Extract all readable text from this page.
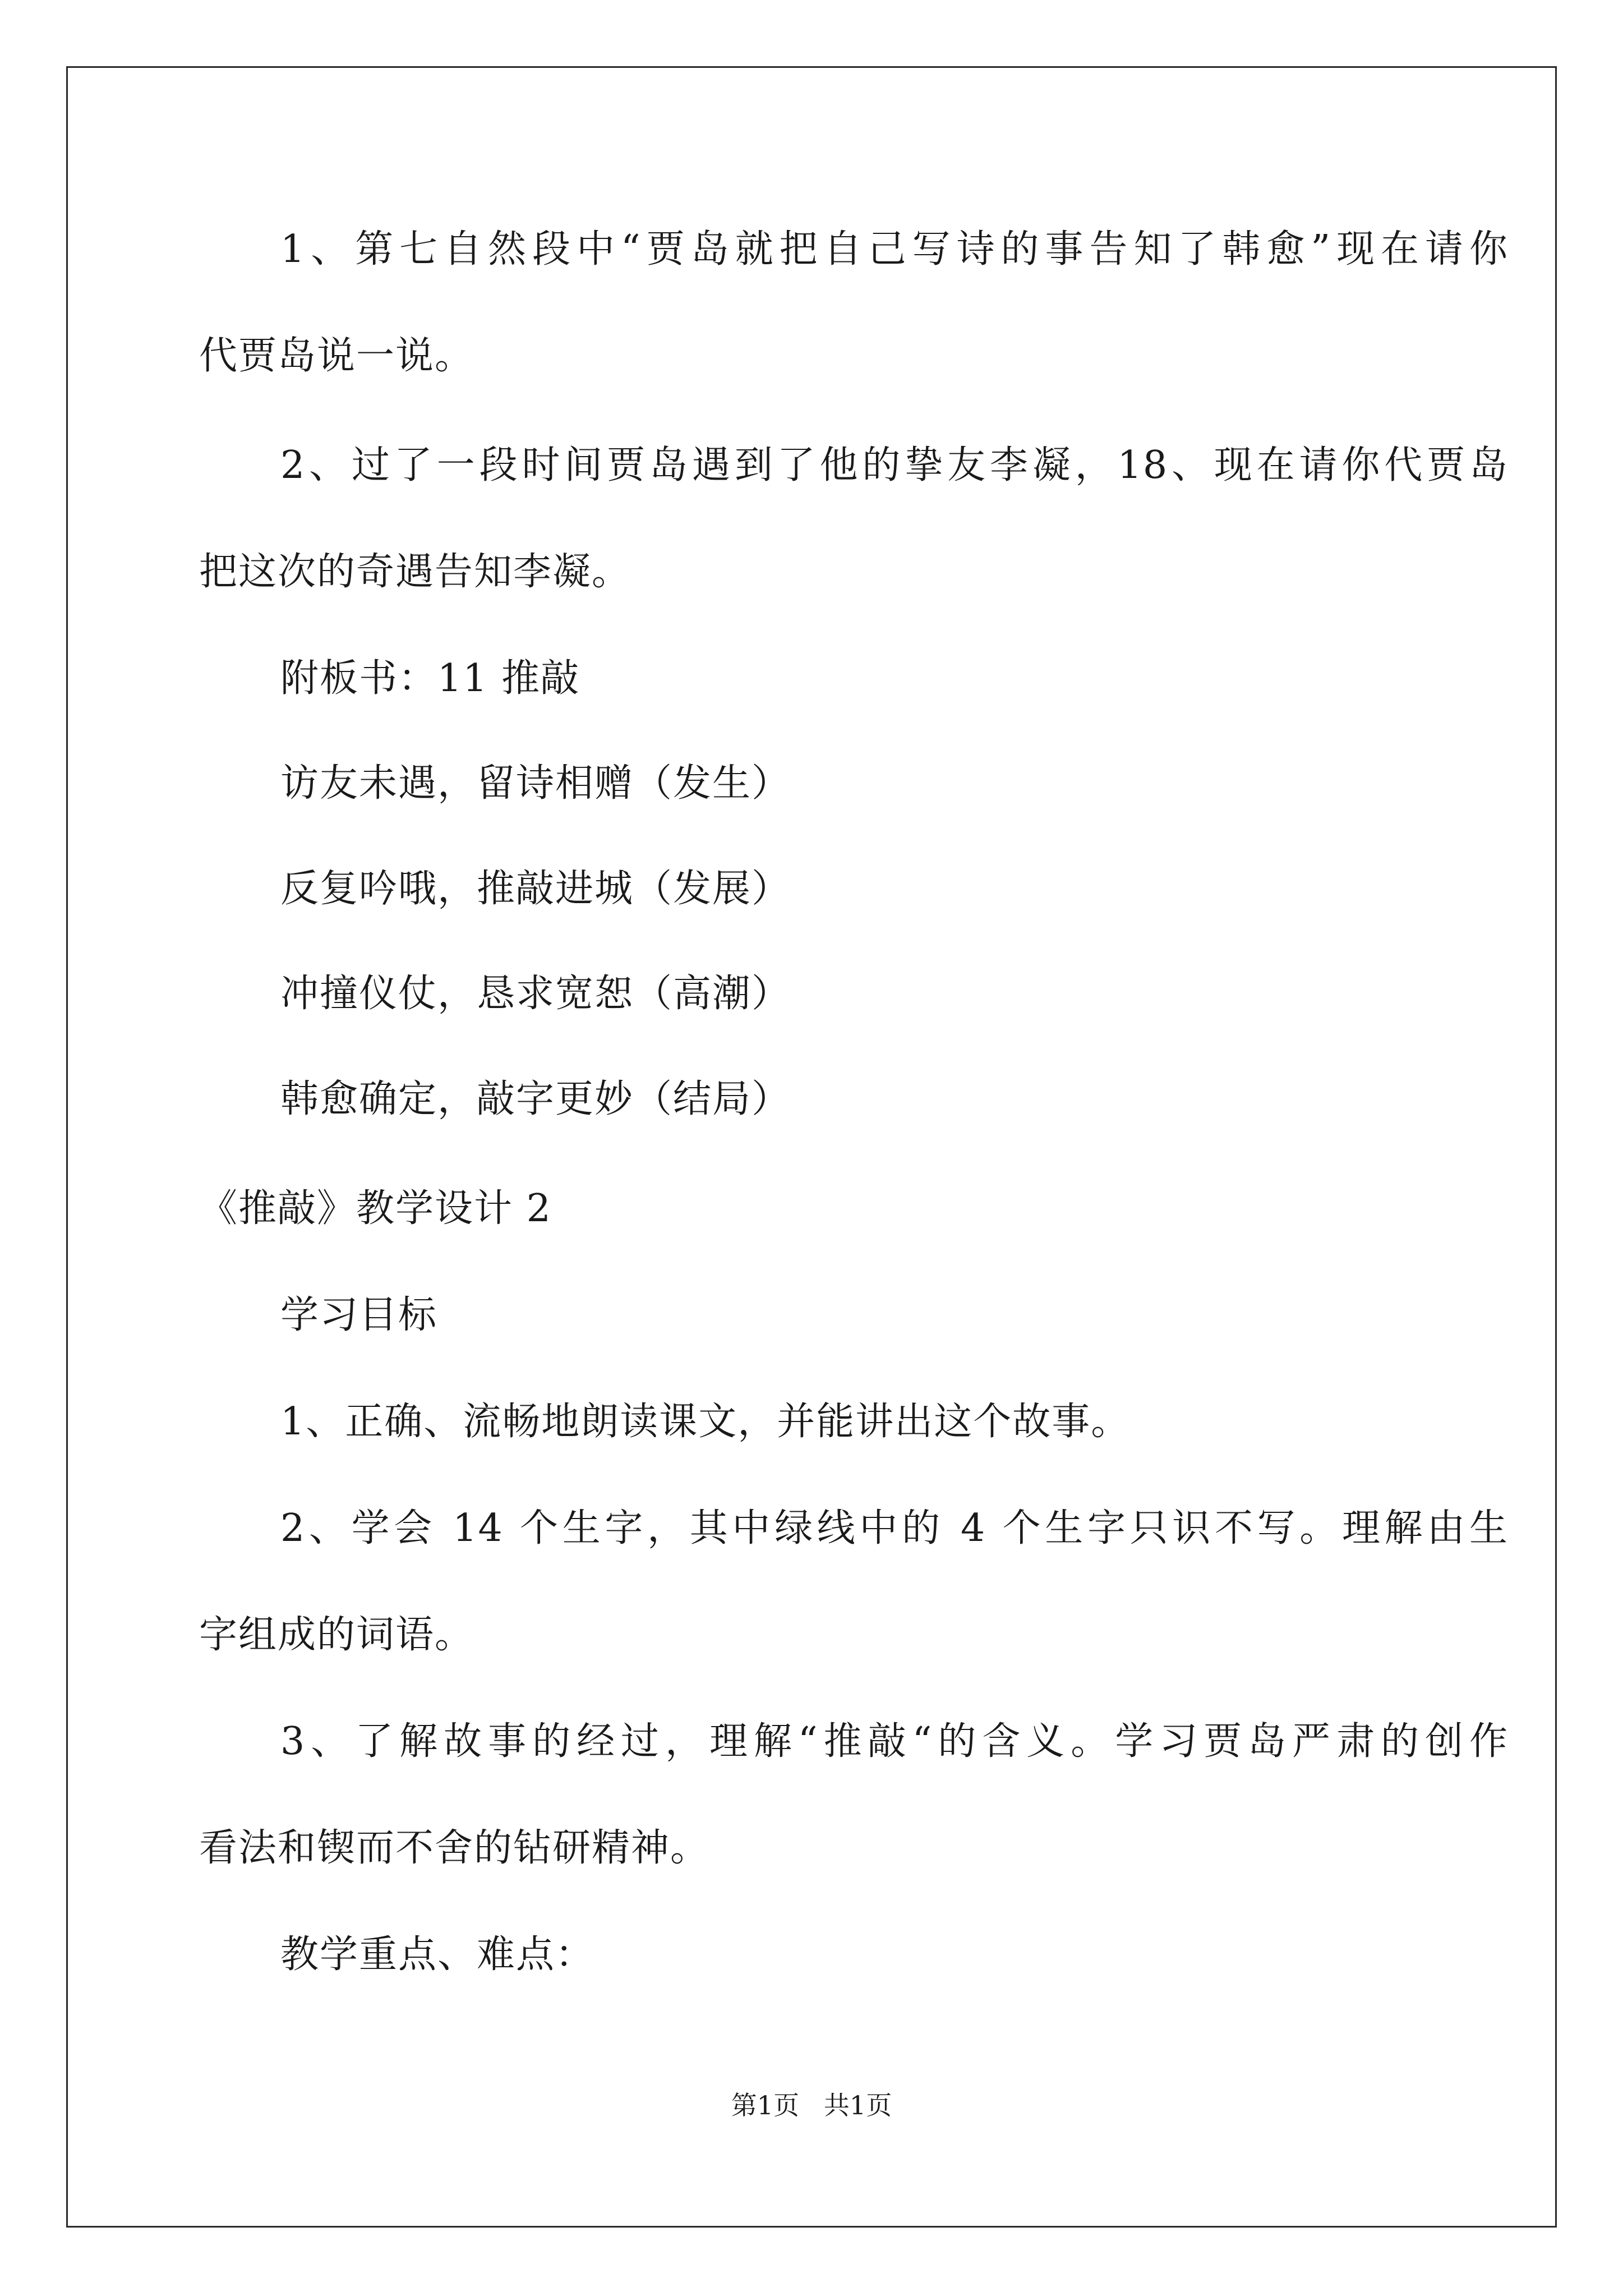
1、第七自然段中“贾岛就把自己写诗的事告知了韩愈”现在请你
代贾岛说一说。
2、过了一段时间贾岛遇到了他的挚友李凝，18、现在请你代贾岛
把这次的奇遇告知李凝。
附板书：11 推敲
访友未遇，留诗相赠（发生）
反复吟哦，推敲进城（发展）
冲撞仪仗，恳求宽恕（高潮）
韩愈确定，敲字更妙（结局）
《推敲》教学设计 2
学习目标
1、正确、流畅地朗读课文，并能讲出这个故事。
2、学会 14 个生字，其中绿线中的 4 个生字只识不写。理解由生
字组成的词语。
3、了解故事的经过，理解“推敲“的含义。学习贾岛严肃的创作
看法和锲而不舍的钻研精神。
教学重点、难点：
第1页   共1页
